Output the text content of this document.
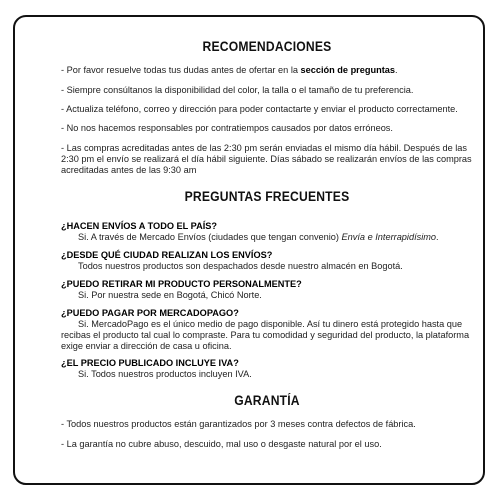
RECOMENDACIONES
- Por favor resuelve todas tus dudas antes de ofertar en la sección de preguntas.
- Siempre consúltanos la disponibilidad del color, la talla o el tamaño de tu preferencia.
- Actualiza teléfono, correo y dirección para poder contactarte y enviar el producto correctamente.
- No nos hacemos responsables por contratiempos causados por datos erróneos.
- Las compras acreditadas antes de las 2:30 pm serán enviadas el mismo día hábil. Después de las 2:30 pm el envío se realizará el día hábil siguiente. Días sábado se realizarán envíos de las compras acreditadas antes de las 9:30 am
PREGUNTAS FRECUENTES
¿HACEN ENVÍOS A TODO EL PAÍS?
Si. A través de Mercado Envíos (ciudades que tengan convenio) Envía e Interrapidísimo.
¿DESDE QUÉ CIUDAD REALIZAN LOS ENVÍOS?
Todos nuestros productos son despachados desde nuestro almacén en Bogotá.
¿PUEDO RETIRAR MI PRODUCTO PERSONALMENTE?
Si. Por nuestra sede en Bogotá, Chicó Norte.
¿PUEDO PAGAR POR MERCADOPAGO?
Si. MercadoPago es el único medio de pago disponible. Así tu dinero está protegido hasta que recibas el producto tal cual lo compraste. Para tu comodidad y seguridad del producto, la plataforma exige enviar a dirección de casa u oficina.
¿EL PRECIO PUBLICADO INCLUYE IVA?
Si. Todos nuestros productos incluyen IVA.
GARANTÍA
- Todos nuestros productos están garantizados por 3 meses contra defectos de fábrica.
- La garantía no cubre abuso, descuido, mal uso o desgaste natural por el uso.
